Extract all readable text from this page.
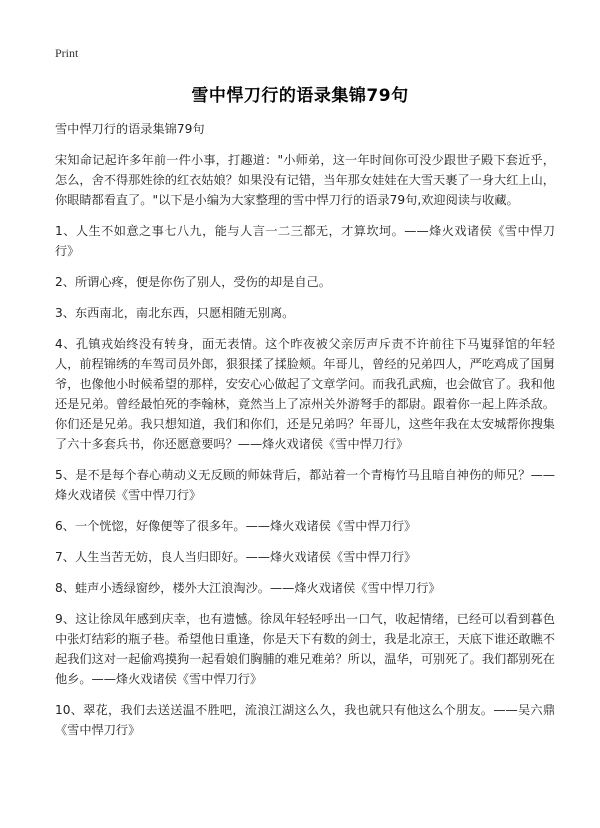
Print
雪中悍刀行的语录集锦79句

雪中悍刀行的语录集锦79句

宋知命记起许多年前一件小事，打趣道："小师弟，这一年时间你可没少跟世子殿下套近乎，怎么，舍不得那姓徐的红衣姑娘？如果没有记错，当年那女娃娃在大雪天裹了一身大红上山，你眼睛都看直了。"以下是小编为大家整理的雪中悍刀行的语录79句,欢迎阅读与收藏。

1、人生不如意之事七八九，能与人言一二三都无，才算坎坷。——烽火戏诸侯《雪中悍刀行》

2、所谓心疼，便是你伤了别人，受伤的却是自己。

3、东西南北，南北东西，只愿相随无别离。

4、孔镇戎始终没有转身，面无表情。这个昨夜被父亲厉声斥责不许前往下马嵬驿馆的年轻人，前程锦绣的车驾司员外郎，狠狠揉了揉脸颊。年哥儿，曾经的兄弟四人，严吃鸡成了国舅爷，也像他小时候希望的那样，安安心心做起了文章学问。而我孔武痴，也会做官了。我和他还是兄弟。曾经最怕死的李翰林，竟然当上了凉州关外游弩手的都尉。跟着你一起上阵杀敌。你们还是兄弟。我只想知道，我们和你们，还是兄弟吗？年哥儿，这些年我在太安城帮你搜集了六十多套兵书，你还愿意要吗？——烽火戏诸侯《雪中悍刀行》

5、是不是每个春心萌动义无反顾的师妹背后，都站着一个青梅竹马且暗自神伤的师兄？——烽火戏诸侯《雪中悍刀行》

6、一个恍惚，好像便等了很多年。——烽火戏诸侯《雪中悍刀行》

7、人生当苦无妨，良人当归即好。——烽火戏诸侯《雪中悍刀行》

8、蛙声小透绿窗纱，楼外大江浪淘沙。——烽火戏诸侯《雪中悍刀行》

9、这让徐凤年感到庆幸，也有遗憾。徐凤年轻轻呼出一口气，收起情绪，已经可以看到暮色中张灯结彩的瓶子巷。希望他日重逢，你是天下有数的剑士，我是北凉王，天底下谁还敢瞧不起我们这对一起偷鸡摸狗一起看娘们胸脯的难兄难弟？所以，温华，可别死了。我们都别死在他乡。——烽火戏诸侯《雪中悍刀行》

10、翠花，我们去送送温不胜吧，流浪江湖这么久，我也就只有他这么个朋友。——吴六鼎《雪中悍刀行》
